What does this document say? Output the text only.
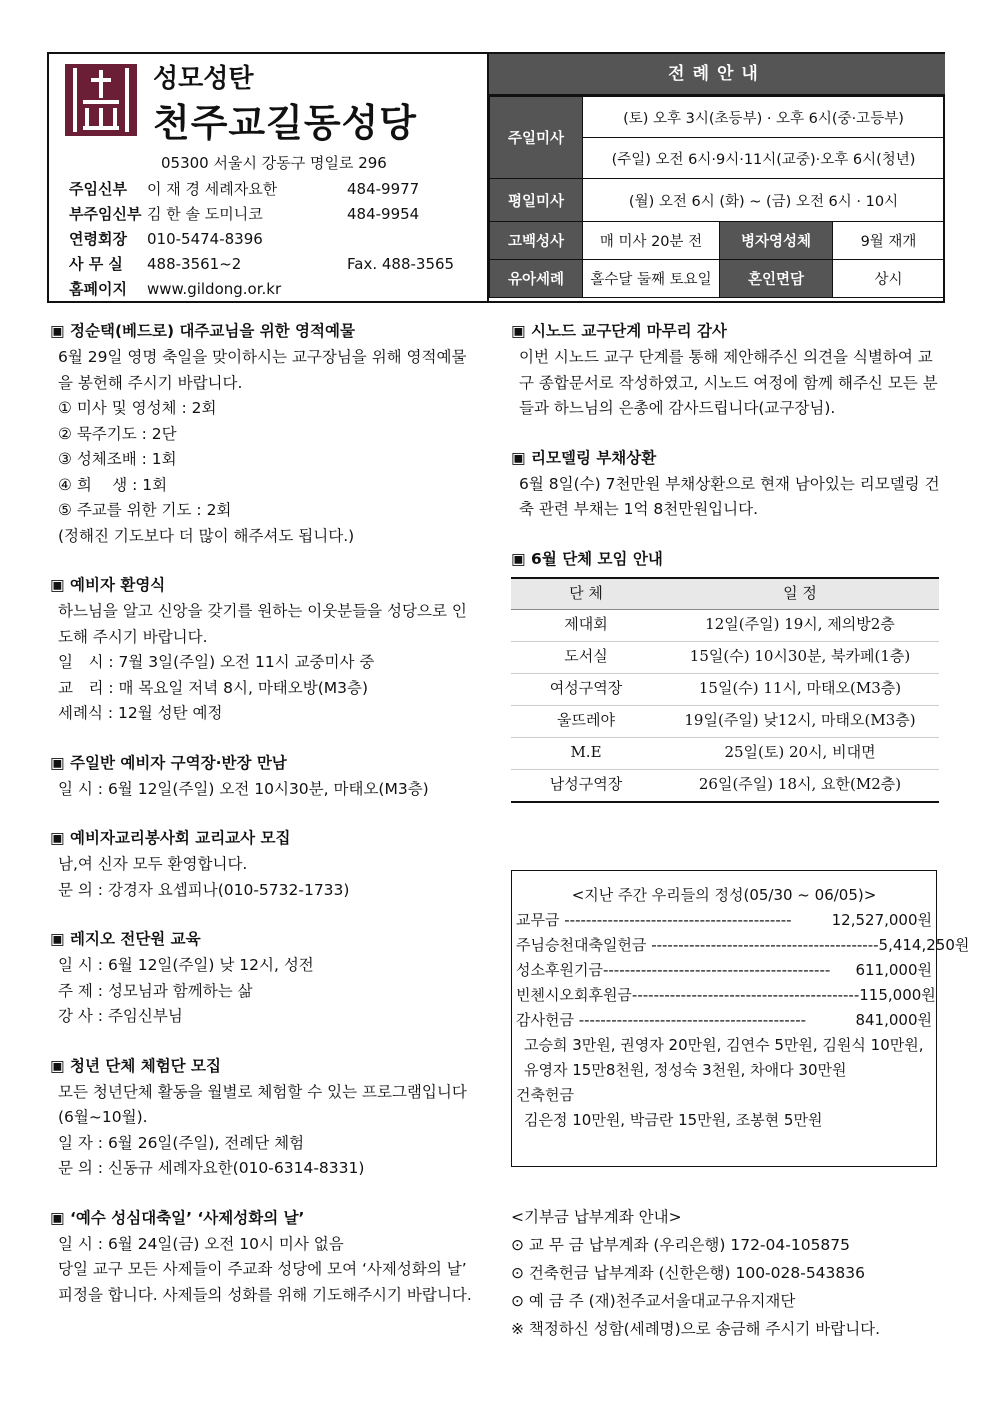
성모성탄
천주교길동성당
05300 서울시 강동구 명일로 296
주임신부 이 재 경 세례자요한	484-9977
부주임신부 김 한 솔 도미니코	484-9954
연령회장 010-5474-8396
사 무 실 488-3561~2	Fax. 488-3565
홈페이지 www.gildong.or.kr
전례안내
주일미사	(토) 오후 3시(초등부) · 오후 6시(중·고등부)		
	(주일) 오전 6시·9시·11시(교중)·오후 6시(청년)		
평일미사	(월) 오전 6시 (화) ~ (금) 오전 6시 · 10시		
고백성사	매 미사 20분 전	병자영성체	9월 재개
유아세례	홀수달 둘째 토요일	혼인면담	상시
▣ 정순택(베드로) 대주교님을 위한 영적예물

6월 29일 영명 축일을 맞이하시는 교구장님을 위해 영적예물을 봉헌해 주시기 바랍니다.

① 미사 및 영성체 : 2회

② 묵주기도 : 2단

③ 성체조배 : 1회

④ 희　 생 : 1회

⑤ 주교를 위한 기도 : 2회

(정해진 기도보다 더 많이 해주셔도 됩니다.)

▣ 예비자 환영식

하느님을 알고 신앙을 갖기를 원하는 이웃분들을 성당으로 인도해 주시기 바랍니다.

일　시 : 7월 3일(주일) 오전 11시 교중미사 중

교　리 : 매 목요일 저녁 8시, 마태오방(M3층)

세례식 : 12월 성탄 예정

▣ 주일반 예비자 구역장·반장 만남

일 시 : 6월 12일(주일) 오전 10시30분, 마태오(M3층)

▣ 예비자교리봉사회 교리교사 모집

남,여 신자 모두 환영합니다.

문 의 : 강경자 요셉피나(010-5732-1733)

▣ 레지오 전단원 교육

일 시 : 6월 12일(주일) 낮 12시, 성전

주 제 : 성모님과 함께하는 삶

강 사 : 주임신부님

▣ 청년 단체 체험단 모집

모든 청년단체 활동을 월별로 체험할 수 있는 프로그램입니다(6월~10월).

일 자 : 6월 26일(주일), 전례단 체험

문 의 : 신동규 세례자요한(010-6314-8331)

▣ ‘예수 성심대축일’ ‘사제성화의 날’

일 시 : 6월 24일(금) 오전 10시 미사 없음

당일 교구 모든 사제들이 주교좌 성당에 모여 ‘사제성화의 날’ 피정을 합니다. 사제들의 성화를 위해 기도해주시기 바랍니다.

▣ 시노드 교구단계 마무리 감사

이번 시노드 교구 단계를 통해 제안해주신 의견을 식별하여 교구 종합문서로 작성하였고, 시노드 여정에 함께 해주신 모든 분들과 하느님의 은총에 감사드립니다(교구장님).

▣ 리모델링 부채상환

6월 8일(수) 7천만원 부채상환으로 현재 남아있는 리모델링 건축 관련 부채는 1억 8천만원입니다.

▣ 6월 단체 모임 안내
단 체	일 정
제대회	12일(주일) 19시, 제의방2층
도서실	15일(수) 10시30분, 북카페(1층)
여성구역장	15일(수) 11시, 마태오(M3층)
울뜨레야	19일(주일) 낮12시, 마태오(M3층)
M.E	25일(토) 20시, 비대면
남성구역장	26일(주일) 18시, 요한(M2층)
<지난 주간 우리들의 정성(05/30 ~ 06/05)>
교무금 ------------------------------------------	12,527,000원
주님승천대축일헌금 ------------------------------------------ 5,414,250원
성소후원기금------------------------------------------	611,000원
빈첸시오회후원금------------------------------------------ 115,000원
감사헌금 ------------------------------------------	841,000원
고승희 3만원, 권영자 20만원, 김연수 5만원, 김원식 10만원, 유영자 15만8천원, 정성숙 3천원, 차애다 30만원
건축헌금
김은정 10만원, 박금란 15만원, 조봉현 5만원

<기부금 납부계좌 안내>

⊙ 교 무 금 납부계좌 (우리은행) 172-04-105875

⊙ 건축헌금 납부계좌 (신한은행) 100-028-543836

⊙ 예 금 주 (재)천주교서울대교구유지재단

※ 책정하신 성함(세례명)으로 송금해 주시기 바랍니다.
